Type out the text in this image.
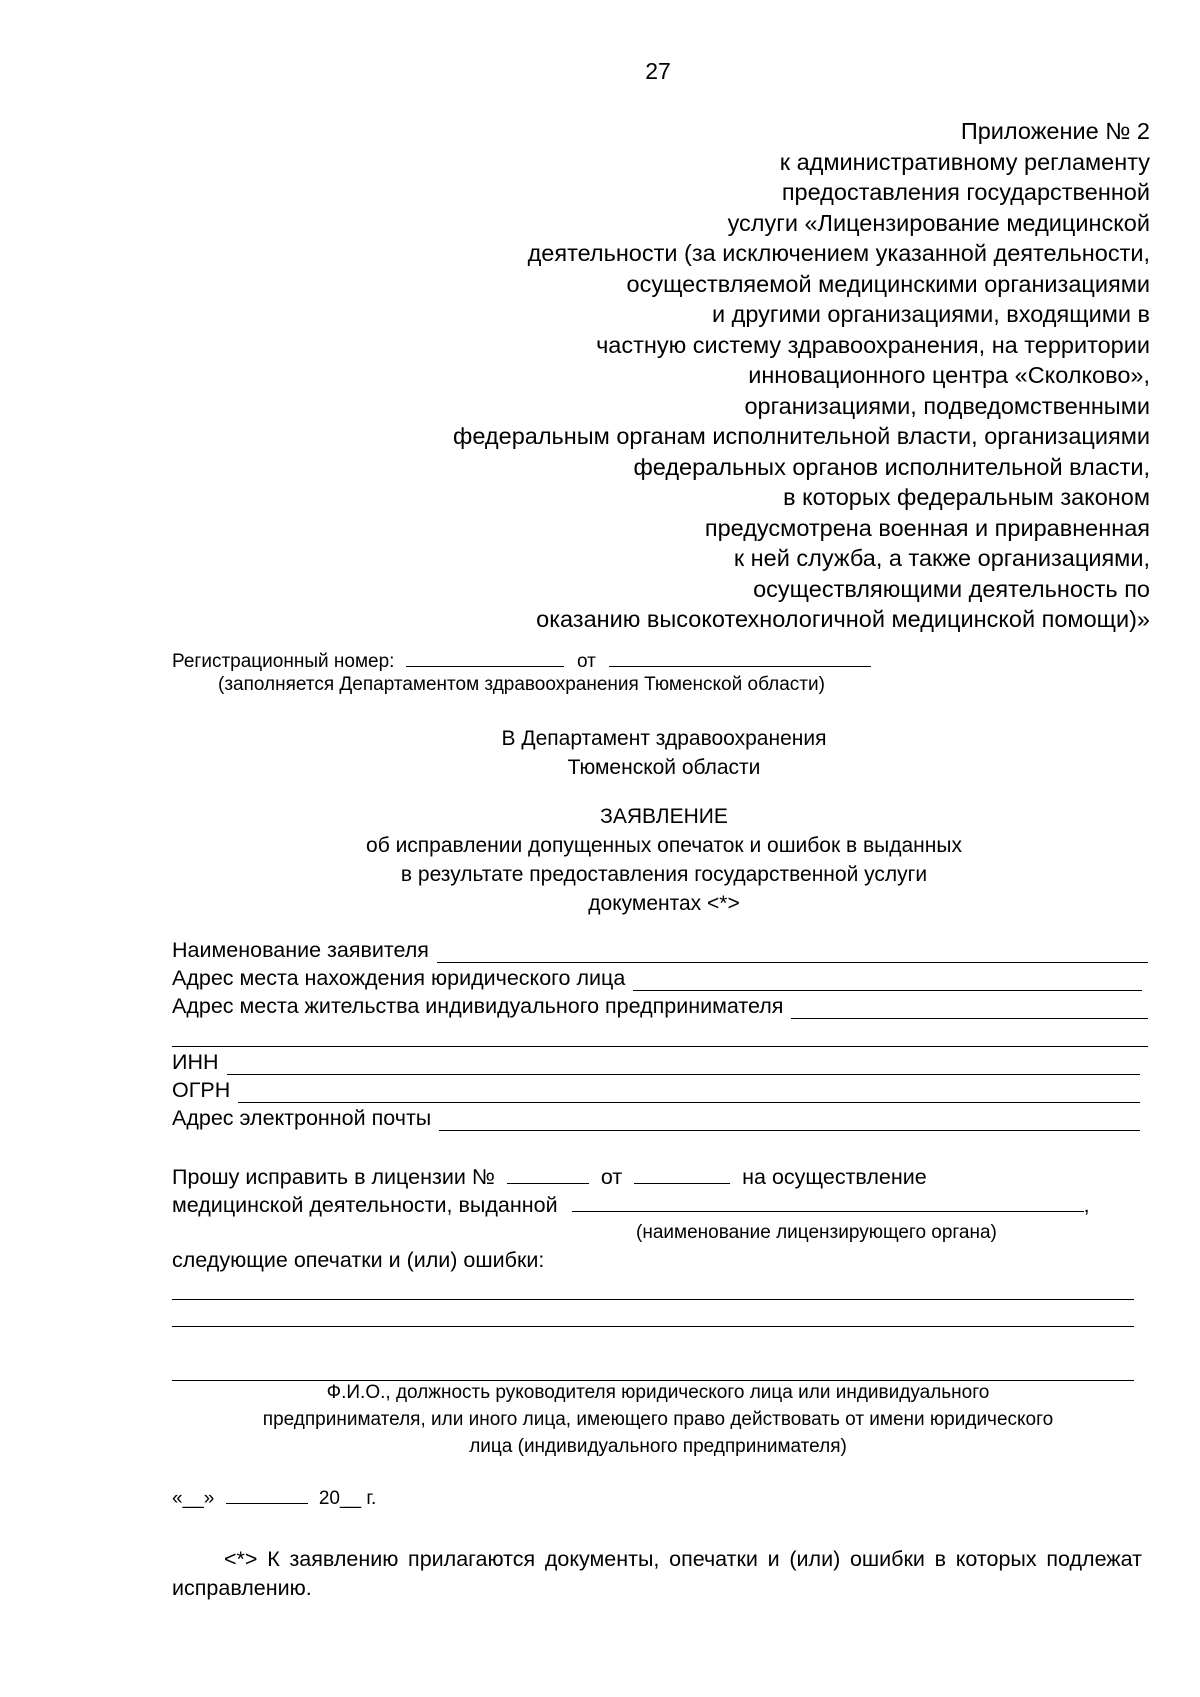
27
Приложение № 2
к административному регламенту
предоставления государственной
услуги «Лицензирование медицинской
деятельности (за исключением указанной деятельности,
осуществляемой медицинскими организациями
и другими организациями, входящими в
частную систему здравоохранения, на территории
инновационного центра «Сколково»,
организациями, подведомственными
федеральным органам исполнительной власти, организациями
федеральных органов исполнительной власти,
в которых федеральным законом
предусмотрена военная и приравненная
к ней служба, а также организациями,
осуществляющими деятельность по
оказанию высокотехнологичной медицинской помощи)»
Регистрационный номер:	от
(заполняется Департаментом здравоохранения Тюменской области)
В Департамент здравоохранения
Тюменской области
ЗАЯВЛЕНИЕ
об исправлении допущенных опечаток и ошибок в выданных
в результате предоставления государственной услуги
документах <*>
Наименование заявителя
Адрес места нахождения юридического лица
Адрес места жительства индивидуального предпринимателя
ИНН
ОГРН
Адрес электронной почты
Прошу исправить в лицензии №	от	на осуществление
медицинской деятельности, выданной	,
(наименование лицензирующего органа)
следующие опечатки и (или) ошибки:
Ф.И.О., должность руководителя юридического лица или индивидуального
предпринимателя, или иного лица, имеющего право действовать от имени юридического
лица (индивидуального предпринимателя)
«__»	20__ г.
<*> К заявлению прилагаются документы, опечатки и (или) ошибки в которых подлежат исправлению.
